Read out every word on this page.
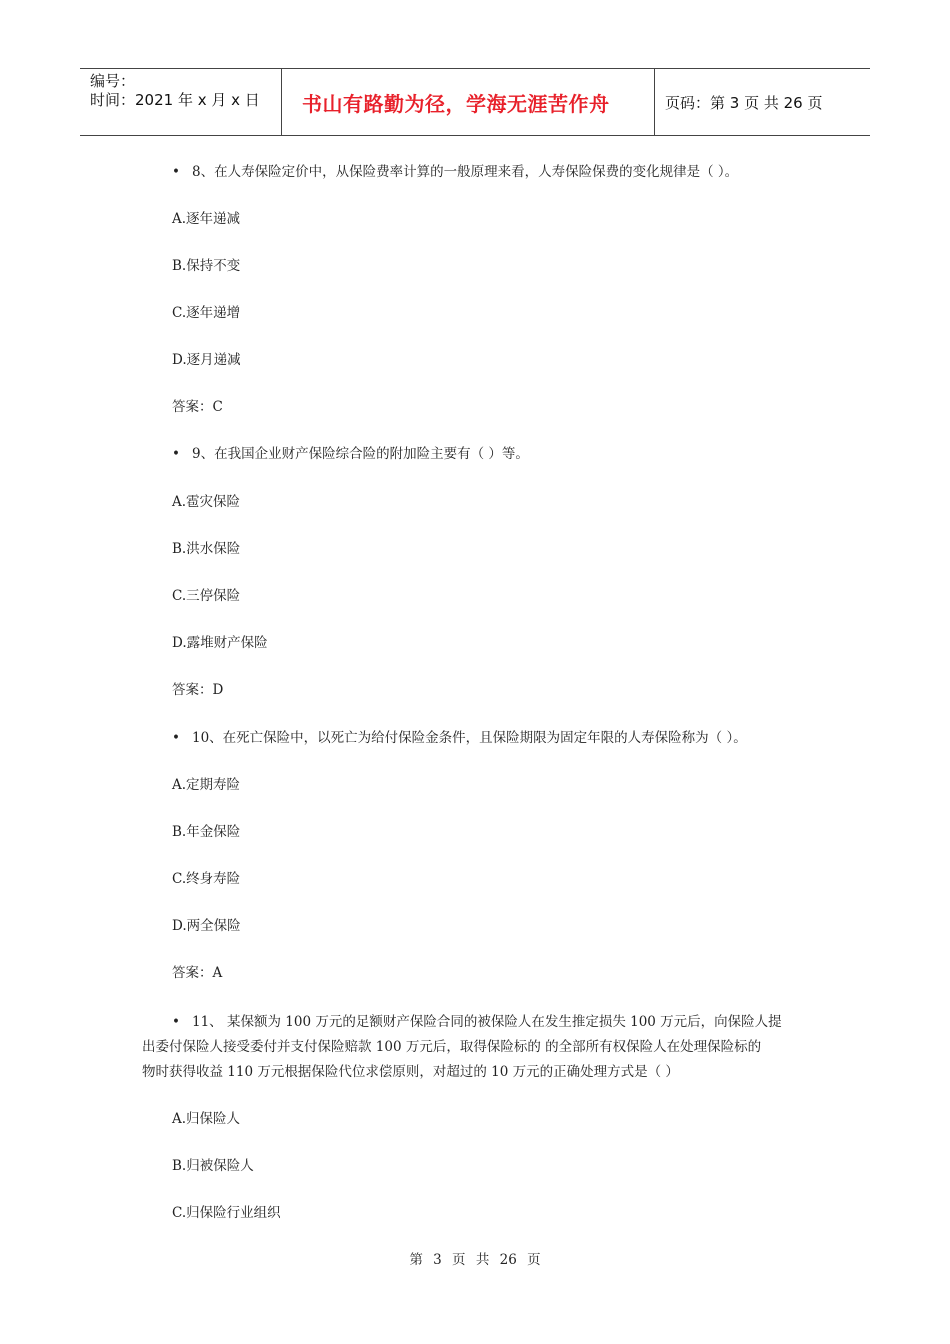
编号：
时间：2021 年 x 月 x 日	书山有路勤为径，学海无涯苦作舟	页码：第 3 页 共 26 页
• 8、在人寿保险定价中，从保险费率计算的一般原理来看，人寿保险保费的变化规律是（ ）。
A.逐年递减
B.保持不变
C.逐年递增
D.逐月递减
答案：C
• 9、在我国企业财产保险综合险的附加险主要有（ ）等。
A.雹灾保险
B.洪水保险
C.三停保险
D.露堆财产保险
答案：D
• 10、在死亡保险中，以死亡为给付保险金条件，且保险期限为固定年限的人寿保险称为（ ）。
A.定期寿险
B.年金保险
C.终身寿险
D.两全保险
答案：A
• 11、 某保额为 100 万元的足额财产保险合同的被保险人在发生推定损失 100 万元后，向保险人提
出委付保险人接受委付并支付保险赔款 100 万元后，取得保险标的 的全部所有权保险人在处理保险标的
物时获得收益 110 万元根据保险代位求偿原则，对超过的 10 万元的正确处理方式是（ ）
A.归保险人
B.归被保险人
C.归保险行业组织
第 3 页 共 26 页
